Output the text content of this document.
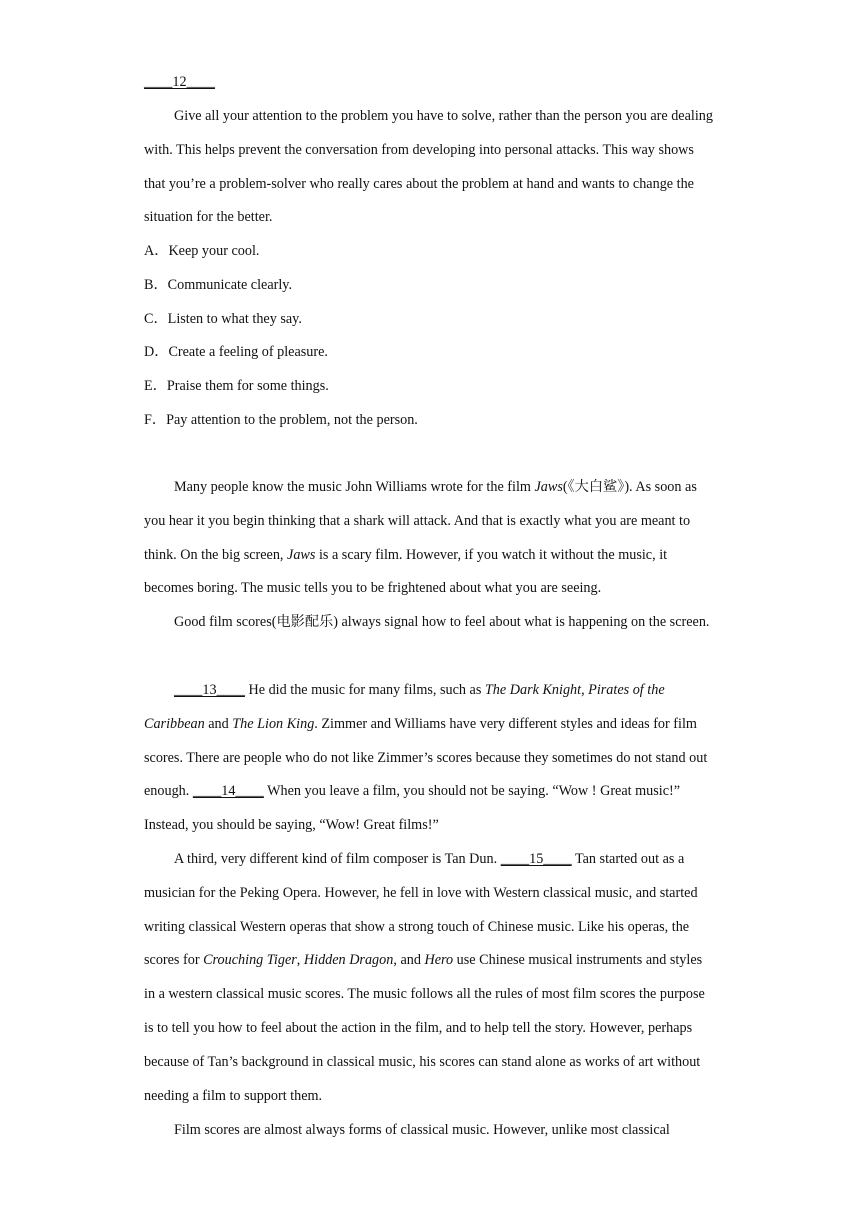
____12____

Give all your attention to the problem you have to solve, rather than the person you are dealing with. This helps prevent the conversation from developing into personal attacks. This way shows that you’re a problem-solver who really cares about the problem at hand and wants to change the situation for the better.

A．Keep your cool.
B．Communicate clearly.
C．Listen to what they say.
D．Create a feeling of pleasure.
E．Praise them for some things.
F．Pay attention to the problem, not the person.

Many people know the music John Williams wrote for the film Jaws(《大白鲨》). As soon as you hear it you begin thinking that a shark will attack. And that is exactly what you are meant to think. On the big screen, Jaws is a scary film. However, if you watch it without the music, it becomes boring. The music tells you to be frightened about what you are seeing.

Good film scores(电影配乐) always signal how to feel about what is happening on the screen.

____13____ He did the music for many films, such as The Dark Knight, Pirates of the Caribbean and The Lion King. Zimmer and Williams have very different styles and ideas for film scores. There are people who do not like Zimmer’s scores because they sometimes do not stand out enough. ____14____ When you leave a film, you should not be saying. “Wow ! Great music!” Instead, you should be saying, “Wow! Great films!”

A third, very different kind of film composer is Tan Dun. ____15____ Tan started out as a musician for the Peking Opera. However, he fell in love with Western classical music, and started writing classical Western operas that show a strong touch of Chinese music. Like his operas, the scores for Crouching Tiger, Hidden Dragon, and Hero use Chinese musical instruments and styles in a western classical music scores. The music follows all the rules of most film scores the purpose is to tell you how to feel about the action in the film, and to help tell the story. However, perhaps because of Tan’s background in classical music, his scores can stand alone as works of art without needing a film to support them.

Film scores are almost always forms of classical music. However, unlike most classical
